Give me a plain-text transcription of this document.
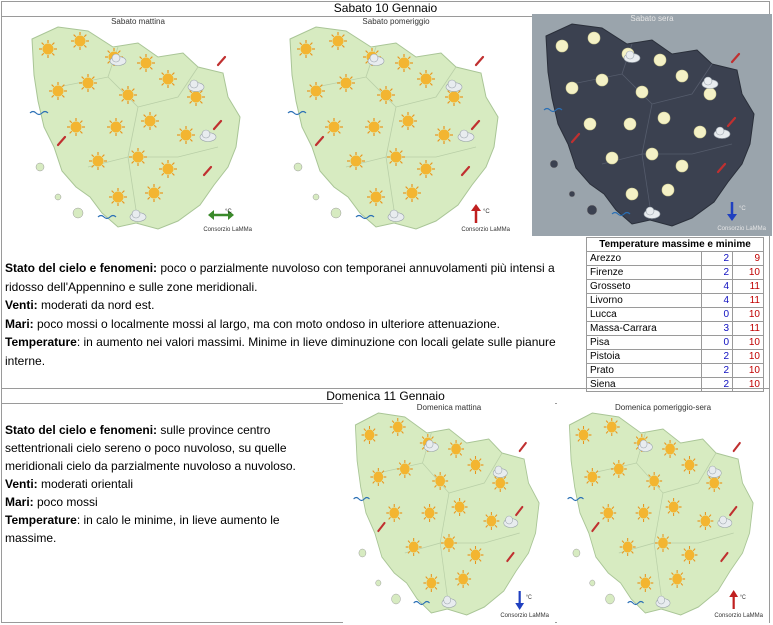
Sabato 10 Gennaio
°C
Sabato mattina
Consorzio LaMMa
°C
Sabato pomeriggio
Consorzio LaMMa
°C
Sabato sera
Consorzio LaMMa

Stato del cielo e fenomeni: poco o parzialmente nuvoloso con temporanei annuvolamenti più intensi a ridosso dell'Appennino e sulle zone meridionali.

Venti: moderati da nord est.

Mari: poco mossi o localmente mossi al largo, ma con moto ondoso in ulteriore attenuazione.

Temperature: in aumento nei valori massimi. Minime in lieve diminuzione con locali gelate sulle pianure interne.

Temperature massime e minime		
Arezzo	2	9
Firenze	2	10
Grosseto	4	11
Livorno	4	11
Lucca	0	10
Massa-Carrara	3	11
Pisa	0	10
Pistoia	2	10
Prato	2	10
Siena	2	10
Domenica 11 Gennaio

Stato del cielo e fenomeni: sulle province centro settentrionali cielo sereno o poco nuvoloso, su quelle meridionali cielo da parzialmente nuvoloso a nuvoloso.

Venti: moderati orientali

Mari: poco mossi

Temperature: in calo le minime, in lieve aumento le massime.

°C
Domenica mattina
Consorzio LaMMa
°C
Domenica pomeriggio-sera
Consorzio LaMMa
